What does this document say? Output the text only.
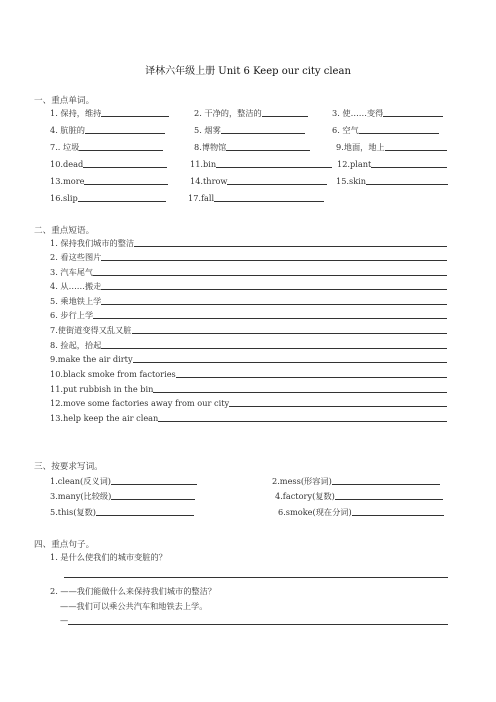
译林六年级上册 Unit 6 Keep our city clean
一、重点单词。
1. 保持，维持	2. 干净的，整洁的	3. 使……变得
4. 肮脏的	5. 烟雾	6. 空气
7.. 垃圾	8.博物馆	9.地面，地上
10.dead	11.bin	12.plant
13.more	14.throw	15.skin
16.slip	17.fall
二、重点短语。
1. 保持我们城市的整洁
2. 看这些图片
3. 汽车尾气
4. 从……搬走
5. 乘地铁上学
6. 步行上学
7.使街道变得又乱又脏
8. 捡起，拾起
9.make the air dirty
10.black smoke from factories
11.put rubbish in the bin
12.move some factories away from our city
13.help keep the air clean
三、按要求写词。
1.clean(反义词)	2.mess(形容词)
3.many(比较级)	4.factory(复数)
5.this(复数)	6.smoke(现在分词)
四、重点句子。
1. 是什么使我们的城市变脏的？
2. ——我们能做什么来保持我们城市的整洁？
——我们可以乘公共汽车和地铁去上学。
—
